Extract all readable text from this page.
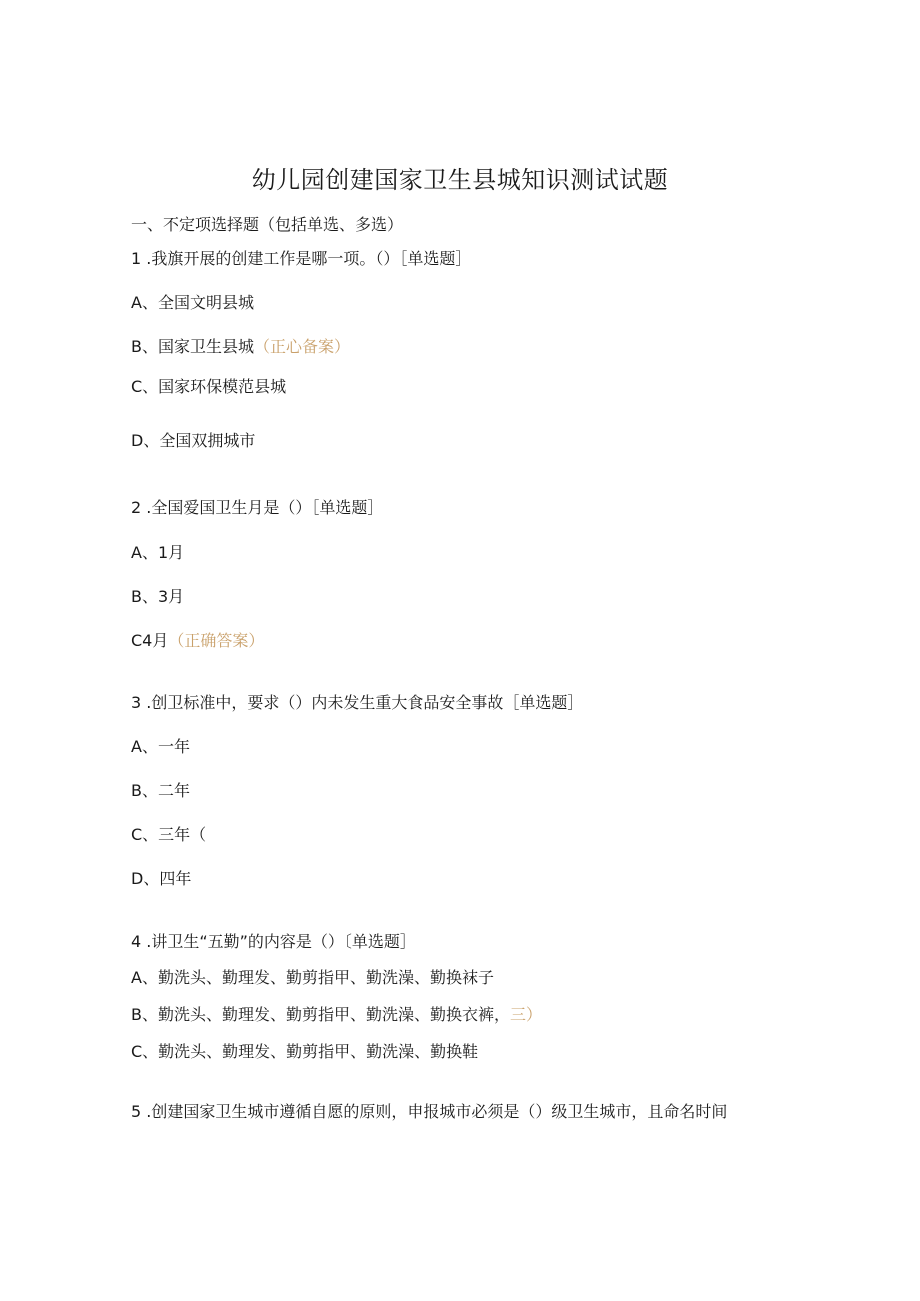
幼儿园创建国家卫生县城知识测试试题
一、不定项选择题（包括单选、多选）
1 .我旗开展的创建工作是哪一项。（）［单选题］
A、全国文明县城
B、国家卫生县城（正心备案）
C、国家环保模范县城
D、全国双拥城市
2 .全国爱国卫生月是（）［单选题］
A、1月
B、3月
C4月（正确答案）
3 .创卫标准中，要求（）内未发生重大食品安全事故［单选题］
A、一年
B、二年
C、三年（
D、四年
4 .讲卫生“五勤”的内容是（）〔单选题］
A、勤洗头、勤理发、勤剪指甲、勤洗澡、勤换袜子
B、勤洗头、勤理发、勤剪指甲、勤洗澡、勤换衣裤，三）
C、勤洗头、勤理发、勤剪指甲、勤洗澡、勤换鞋
5 .创建国家卫生城市遵循自愿的原则，申报城市必须是（）级卫生城市，且命名时间
